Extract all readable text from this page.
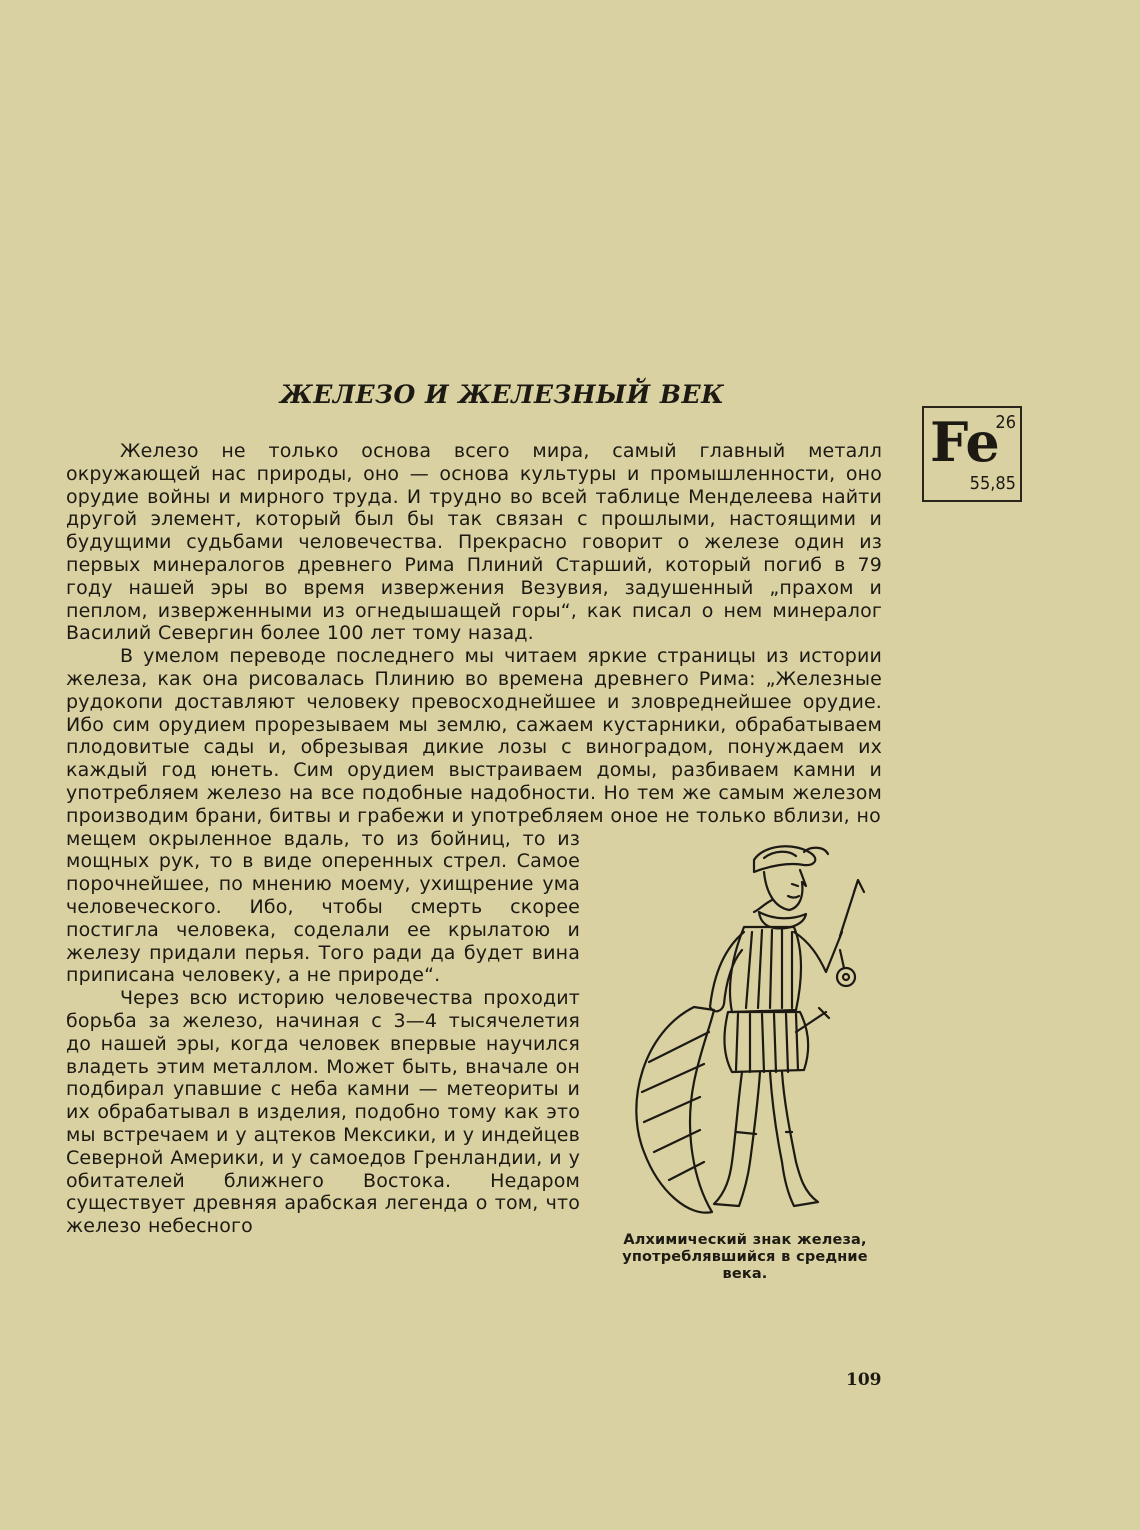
ЖЕЛЕЗО И ЖЕЛЕЗНЫЙ ВЕК
Fe
26
55,85

Железо не только основа всего мира, самый главный металл окружающей нас природы, оно — основа культуры и промышленности, оно орудие войны и мирного труда. И трудно во всей таблице Менделеева найти другой элемент, который был бы так связан с прошлыми, настоящими и будущими судьбами человечества. Прекрасно говорит о железе один из первых минералогов древнего Рима Плиний Старший, который погиб в 79 году нашей эры во время извержения Везувия, задушенный „прахом и пеплом, изверженными из огнедышащей горы“, как писал о нем минералог Василий Севергин более 100 лет тому назад.

В умелом переводе последнего мы читаем яркие страницы из истории железа, как она рисовалась Плинию во времена древнего Рима: „Железные рудокопи доставляют человеку превосходнейшее и зловреднейшее орудие. Ибо сим орудием прорезываем мы землю, сажаем кустарники, обрабатываем плодовитые сады и, обрезывая дикие лозы с виноградом, понуждаем их каждый год юнеть. Сим орудием выстраиваем домы, разбиваем камни и употребляем железо на все подобные надобности. Но тем же самым железом производим брани, битвы и грабежи и употребляем оное не только вблизи, но

Алхимический знак железа, употреблявшийся в средние века.

мещем окрыленное вдаль, то из бойниц, то из мощных рук, то в виде оперенных стрел. Самое порочнейшее, по мнению моему, ухищрение ума человеческого. Ибо, чтобы смерть скорее постигла человека, соделали ее крылатою и железу придали перья. Того ради да будет вина приписана человеку, а не природе“.

Через всю историю человечества проходит борьба за железо, начиная с 3—4 тысячелетия до нашей эры, когда человек впервые научился владеть этим металлом. Может быть, вначале он подбирал упавшие с неба камни — метеориты и их обрабатывал в изделия, подобно тому как это мы встречаем и у ацтеков Мексики, и у индейцев Северной Америки, и у самоедов Гренландии, и у обитателей ближнего Востока. Недаром существует древняя арабская легенда о том, что железо небесного

109
